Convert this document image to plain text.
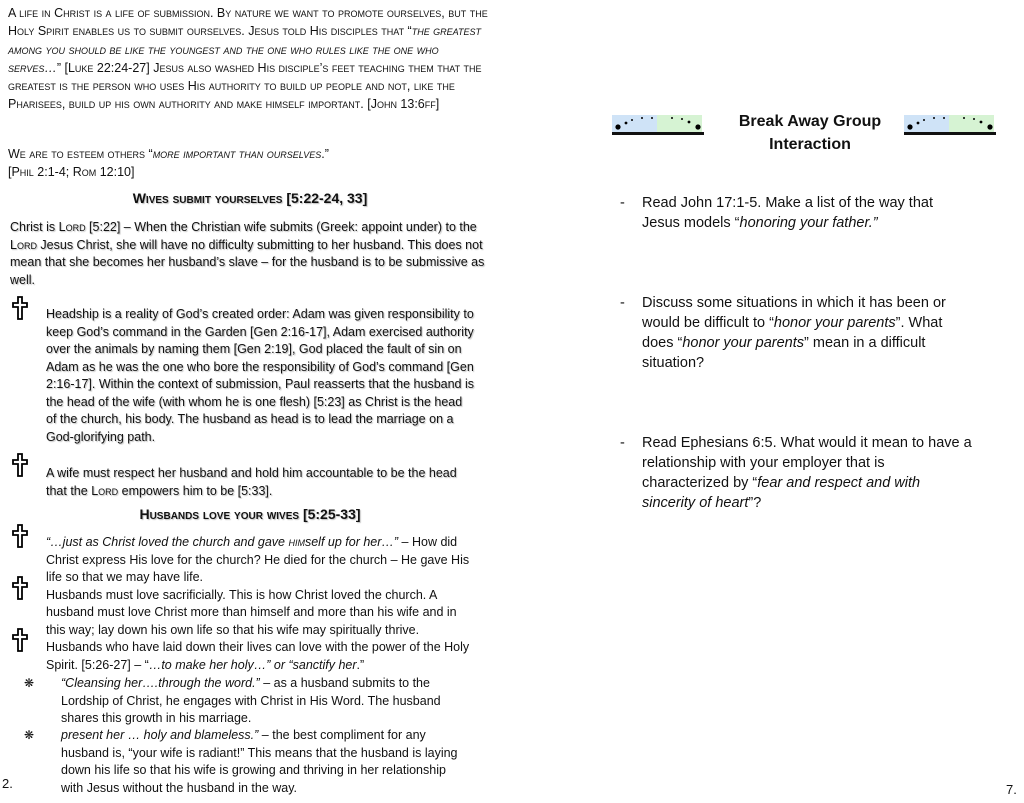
A life in Christ is a life of submission. By nature we want to promote ourselves, but the Holy Spirit enables us to submit ourselves. Jesus told His disciples that “the greatest among you should be like the youngest and the one who rules like the one who serves…” [Luke 22:24-27] Jesus also washed His disciple’s feet teaching them that the greatest is the person who uses His authority to build up people and not, like the Pharisees, build up his own authority and make himself important. [John 13:6ff]

We are to esteem others “more important than ourselves.”
[Phil 2:1-4; Rom 12:10]

Wives submit yourselves [5:22-24, 33]

Christ is Lord [5:22] – When the Christian wife submits (Greek: appoint under) to the Lord Jesus Christ, she will have no difficulty submitting to her husband. This does not mean that she becomes her husband’s slave – for the husband is to be submissive as well.

Headship is a reality of God’s created order: Adam was given responsibility to keep God’s command in the Garden [Gen 2:16-17], Adam exercised authority over the animals by naming them [Gen 2:19], God placed the fault of sin on Adam as he was the one who bore the responsibility of God’s command [Gen 2:16-17]. Within the context of submission, Paul reasserts that the husband is the head of the wife (with whom he is one flesh) [5:23] as Christ is the head of the church, his body. The husband as head is to lead the marriage on a God-glorifying path.

A wife must respect her husband and hold him accountable to be the head that the Lord empowers him to be [5:33].

Husbands love your wives [5:25-33]

“…just as Christ loved the church and gave himself up for her…” – How did Christ express His love for the church? He died for the church – He gave His life so that we may have life.
Husbands must love sacrificially. This is how Christ loved the church. A husband must love Christ more than himself and more than his wife and in this way; lay down his own life so that his wife may spiritually thrive. Husbands who have laid down their lives can love with the power of the Holy Spirit. [5:26-27] – “…to make her holy…” or “sanctify her.”

❋ “Cleansing her….through the word.” – as a husband submits to the Lordship of Christ, he engages with Christ in His Word. The husband shares this growth in his marriage.

❋ present her … holy and blameless.” – the best compliment for any husband is, “your wife is radiant!” This means that the husband is laying down his life so that his wife is growing and thriving in her relationship with Jesus without the husband in the way.

2.
Break Away Group Interaction
- Read John 17:1-5. Make a list of the way that Jesus models “honoring your father.”
- Discuss some situations in which it has been or would be difficult to “honor your parents”. What does “honor your parents” mean in a difficult situation?
- Read Ephesians 6:5. What would it mean to have a relationship with your employer that is characterized by “fear and respect and with sincerity of heart”?
7.
